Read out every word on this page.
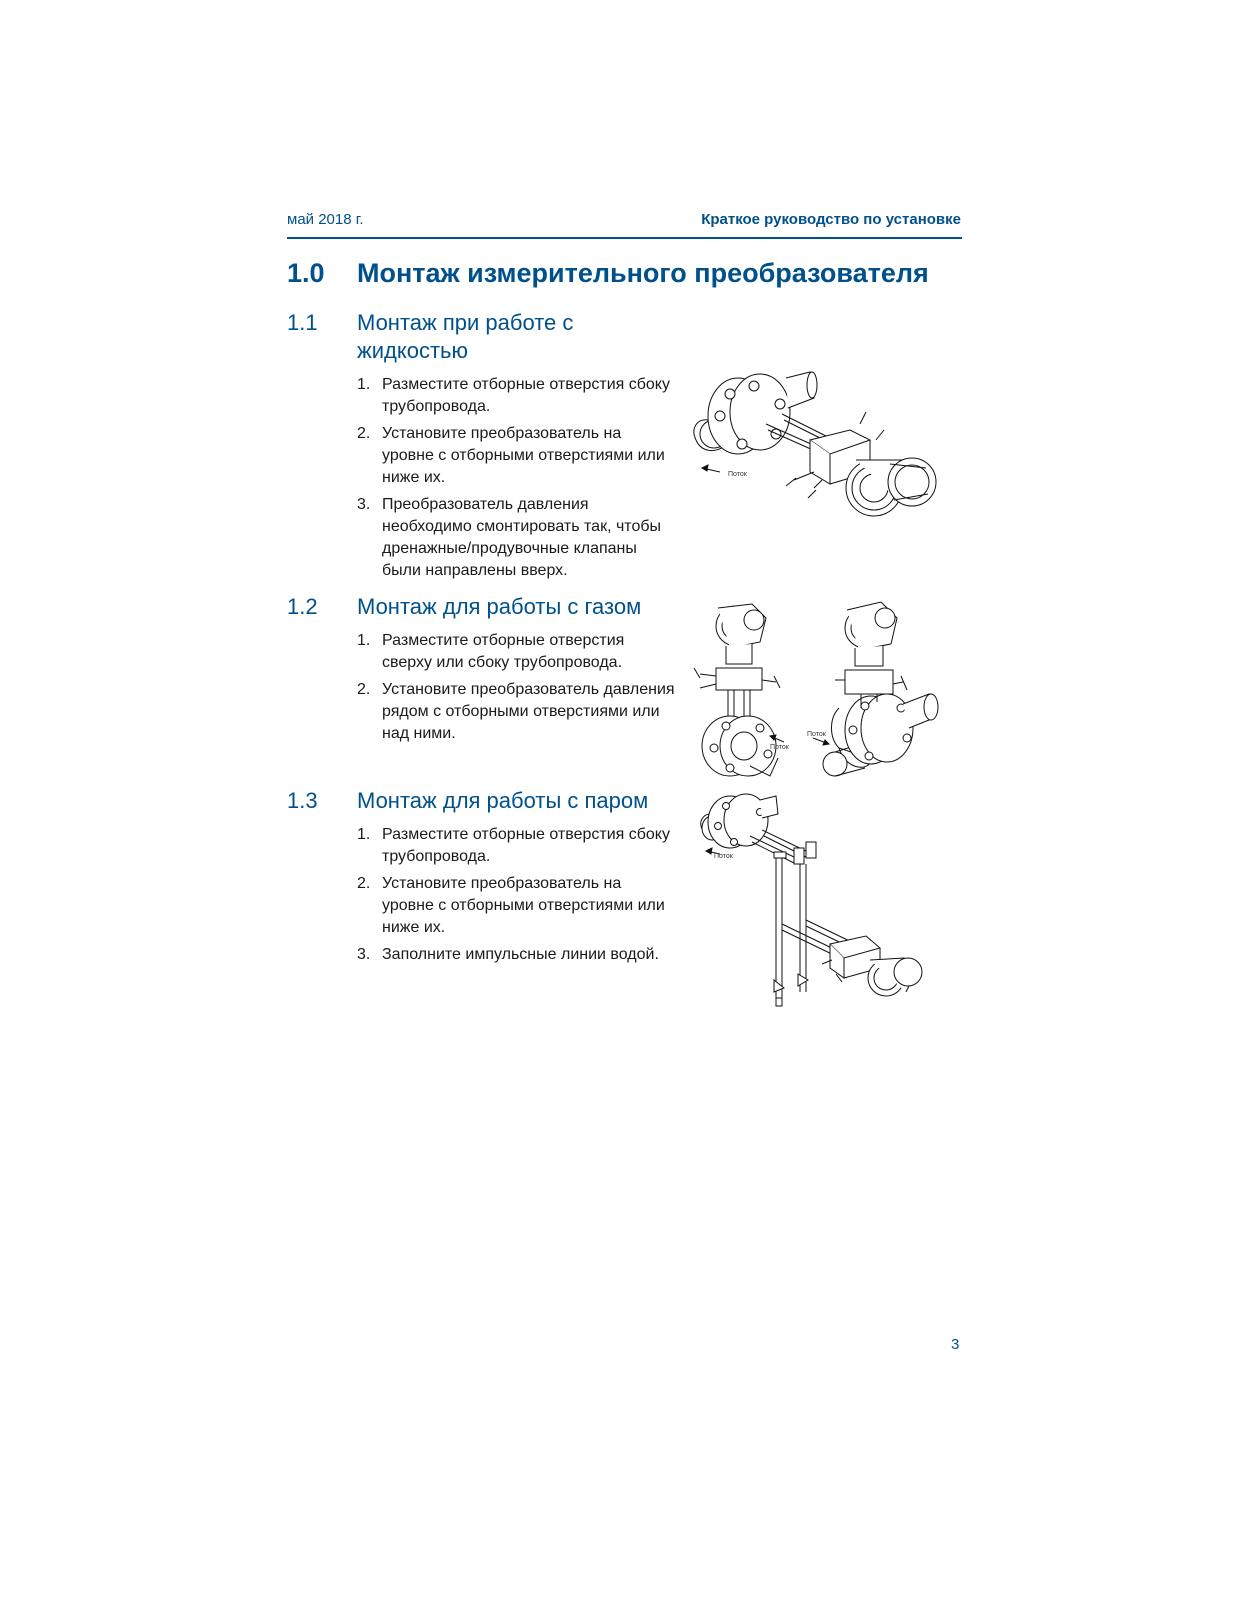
май 2018 г.	Краткое руководство по установке
1.0 Монтаж измерительного преобразователя
1.1 Монтаж при работе с
жидкостью
1. Разместите отборные отверстия сбоку
трубопровода.
2. Установите преобразователь на
уровне с отборными отверстиями или
ниже их.
3. Преобразователь давления
необходимо смонтировать так, чтобы
дренажные/продувочные клапаны
были направлены вверх.
Поток
1.2 Монтаж для работы с газом
1. Разместите отборные отверстия
сверху или сбоку трубопровода.
2. Установите преобразователь давления
рядом с отборными отверстиями или
над ними.
Поток
Поток
1.3 Монтаж для работы с паром
1. Разместите отборные отверстия сбоку
трубопровода.
2. Установите преобразователь на
уровне с отборными отверстиями или
ниже их.
3. Заполните импульсные линии водой.
Поток
3
